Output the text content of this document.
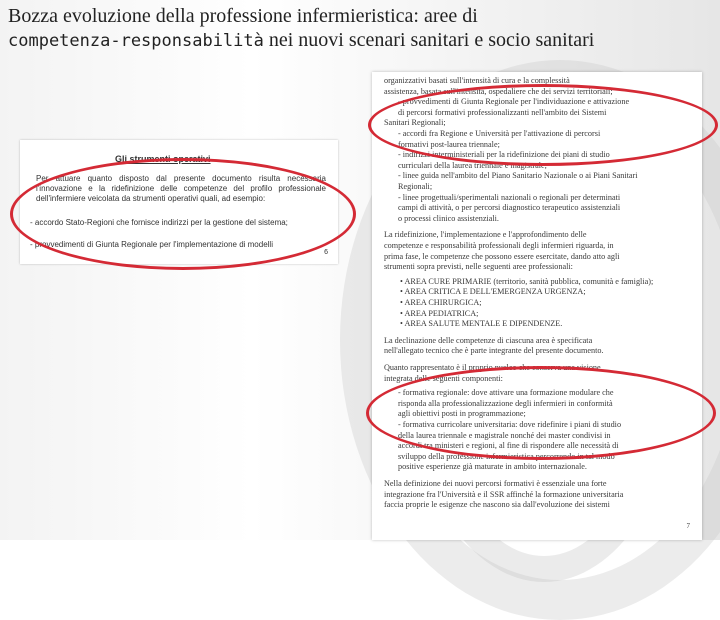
Bozza evoluzione della professione infermieristica: aree di
competenza-responsabilità nei nuovi scenari sanitari e socio sanitari
Gli strumenti operativi
Per attuare quanto disposto dal presente documento risulta necessaria l'innovazione e la ridefinizione delle competenze del profilo professionale dell'infermiere veicolata da strumenti operativi quali, ad esempio:
- accordo Stato-Regioni che fornisce indirizzi per la gestione del sistema;
- provvedimenti di Giunta Regionale per l'implementazione di modelli
6
7
organizzativi basati sull'intensità di cura e la complessità
assistenza, basata sull'intensità, ospedaliere che dei servizi territoriali;
- provvedimenti di Giunta Regionale per l'individuazione e attivazione
di percorsi formativi professionalizzanti nell'ambito dei Sistemi
Sanitari Regionali;
- accordi fra Regione e Università per l'attivazione di percorsi
formativi post-laurea triennale;
- indirizzi interministeriali per la ridefinizione dei piani di studio
curriculari della laurea triennale e magistrale;
- linee guida nell'ambito del Piano Sanitario Nazionale o ai Piani Sanitari
Regionali;
- linee progettuali/sperimentali nazionali o regionali per determinati
campi di attività, o per percorsi diagnostico terapeutico assistenziali
o processi clinico assistenziali.
La ridefinizione, l'implementazione e l'approfondimento delle
competenze e responsabilità professionali degli infermieri riguarda, in
prima fase, le competenze che possono essere esercitate, dando atto agli
strumenti sopra previsti, nelle seguenti aree professionali:
• AREA CURE PRIMARIE (territorio, sanità pubblica, comunità e famiglia);
• AREA CRITICA E DELL'EMERGENZA URGENZA;
• AREA CHIRURGICA;
• AREA PEDIATRICA;
• AREA SALUTE MENTALE E DIPENDENZE.
La declinazione delle competenze di ciascuna area è specificata
nell'allegato tecnico che è parte integrante del presente documento.
Quanto rappresentato è il proprio nucleo che conserva una visione
integrata delle seguenti componenti:
- formativa regionale: dove attivare una formazione modulare che
risponda alla professionalizzazione degli infermieri in conformità
agli obiettivi posti in programmazione;
- formativa curricolare universitaria: dove ridefinire i piani di studio
della laurea triennale e magistrale nonché dei master condivisi in
accordi tra ministeri e regioni, al fine di rispondere alle necessità di
sviluppo della professione infermieristica percorrendo in tal modo
positive esperienze già maturate in ambito internazionale.
Nella definizione dei nuovi percorsi formativi è essenziale una forte
integrazione fra l'Università e il SSR affinché la formazione universitaria
faccia proprie le esigenze che nascono sia dall'evoluzione dei sistemi
